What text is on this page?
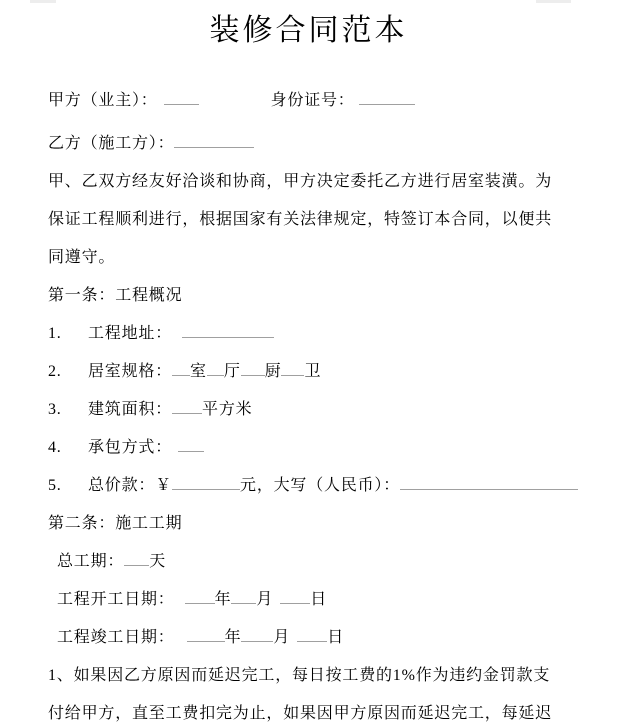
装修合同范本
甲方（业主）：	身份证号：
乙方（施工方）：
甲、乙双方经友好洽谈和协商，甲方决定委托乙方进行居室装潢。为
保证工程顺利进行，根据国家有关法律规定，特签订本合同，以便共
同遵守。
第一条：工程概况
1. 工程地址：
2. 居室规格： 室 厅 厨 卫
3. 建筑面积： 平方米
4. 承包方式：
5. 总价款：￥	元，大写（人民币）：
第二条：施工工期
总工期： 天
工程开工日期：	年 月 日
工程竣工日期：	年 月 日
1、如果因乙方原因而延迟完工，每日按工费的1%作为违约金罚款支
付给甲方，直至工费扣完为止，如果因甲方原因而延迟完工，每延迟
